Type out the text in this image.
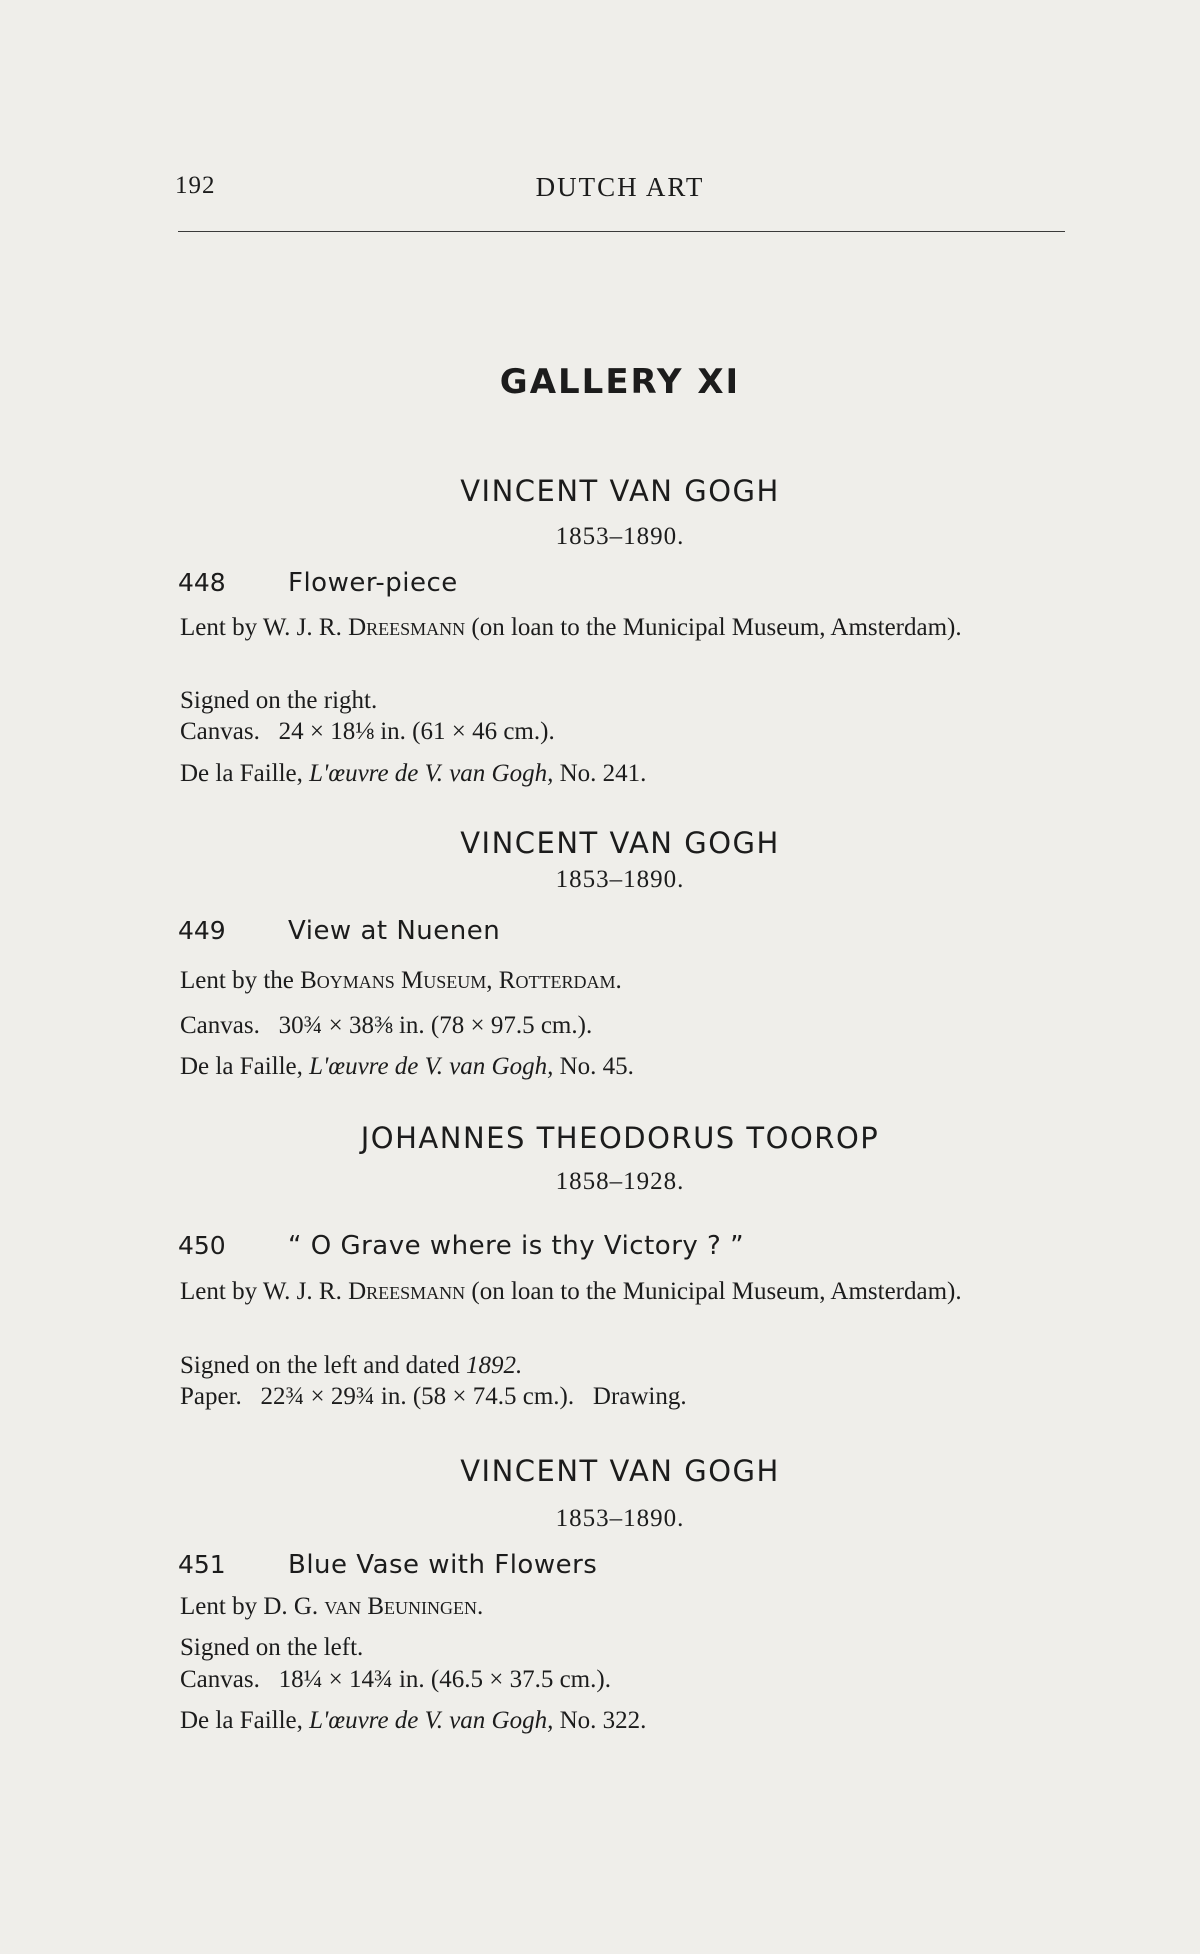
192	DUTCH ART
GALLERY XI
VINCENT VAN GOGH
1853–1890.
448 Flower-piece
Lent by W. J. R. Dreesmann (on loan to the Municipal Museum, Amsterdam).
Signed on the right.
Canvas. 24 × 18⅛ in. (61 × 46 cm.).
De la Faille, L'œuvre de V. van Gogh, No. 241.
VINCENT VAN GOGH
1853–1890.
449 View at Nuenen
Lent by the Boymans Museum, Rotterdam.
Canvas. 30¾ × 38⅜ in. (78 × 97.5 cm.).
De la Faille, L'œuvre de V. van Gogh, No. 45.
JOHANNES THEODORUS TOOROP
1858–1928.
450 “ O Grave where is thy Victory ? ”
Lent by W. J. R. Dreesmann (on loan to the Municipal Museum, Amsterdam).
Signed on the left and dated 1892.
Paper. 22¾ × 29¾ in. (58 × 74.5 cm.). Drawing.
VINCENT VAN GOGH
1853–1890.
451 Blue Vase with Flowers
Lent by D. G. van Beuningen.
Signed on the left.
Canvas. 18¼ × 14¾ in. (46.5 × 37.5 cm.).
De la Faille, L'œuvre de V. van Gogh, No. 322.
